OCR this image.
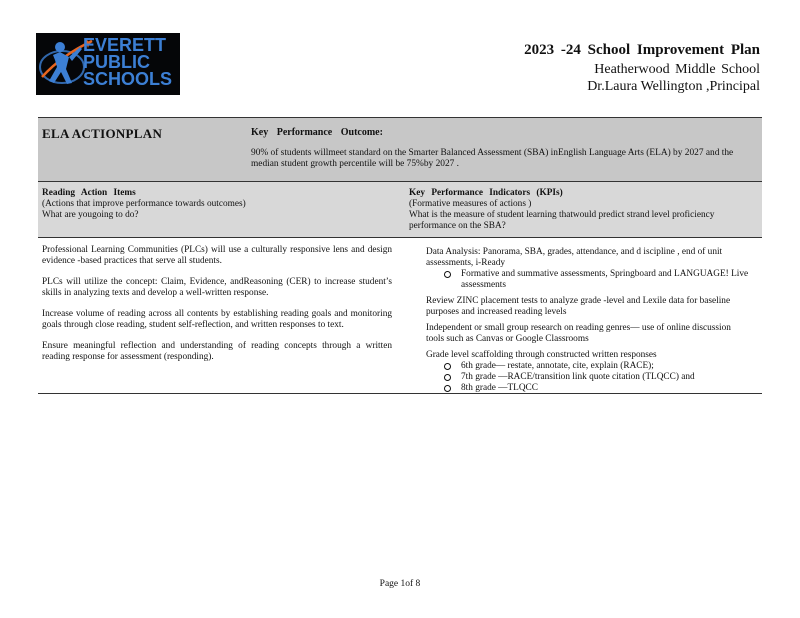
EVERETT
PUBLIC
SCHOOLS
2023 -24 School Improvement Plan
Heatherwood Middle School
Dr.Laura Wellington ,Principal
ELA ACTIONPLAN	Key Performance Outcome:
90% of students willmeet standard on the Smarter Balanced Assessment (SBA) inEnglish Language Arts (ELA) by 2027 and the median student growth percentile will be 75%by 2027 .
Reading Action Items
(Actions that improve performance towards outcomes)
What are yougoing to do?
Key Performance Indicators (KPIs)
(Formative measures of actions )
What is the measure of student learning thatwould predict strand level proficiency performance on the SBA?

Professional Learning Communities (PLCs) will use a culturally responsive lens and design evidence -based practices that serve all students.

PLCs will utilize the concept: Claim, Evidence, andReasoning (CER) to increase student’s skills in analyzing texts and develop a well-written response.

Increase volume of reading across all contents by establishing reading goals and monitoring goals through close reading, student self-reflection, and written responses to text.

Ensure meaningful reflection and understanding of reading concepts through a written reading response for assessment (responding).

Data Analysis: Panorama, SBA, grades, attendance, and d iscipline , end of unit assessments, i-Ready
Formative and summative assessments, Springboard and LANGUAGE! Live assessments
Review ZINC placement tests to analyze grade -level and Lexile data for baseline purposes and increased reading levels
Independent or small group research on reading genres— use of online discussion tools such as Canvas or Google Classrooms
Grade level scaffolding through constructed written responses
6th grade— restate, annotate, cite, explain (RACE);
7th grade —RACE/transition link quote citation (TLQCC) and
8th grade —TLQCC
Page 1of 8
